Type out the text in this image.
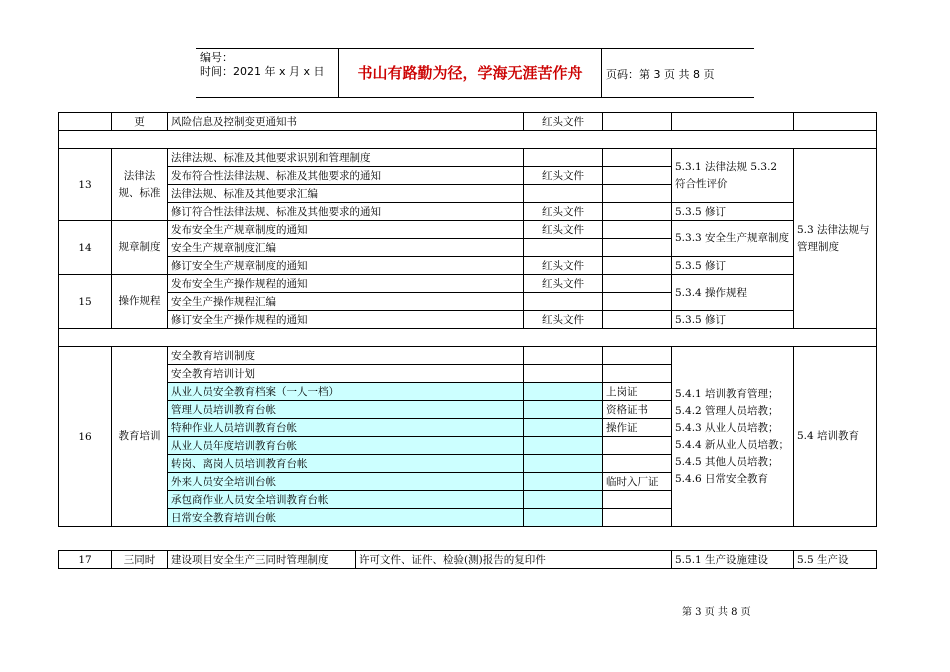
编号：
时间：2021 年 x 月 x 日	书山有路勤为径，学海无涯苦作舟	页码：第 3 页 共 8 页
	更	风险信息及控制变更通知书	红头文件			

13	法律法规、标准	法律法规、标准及其他要求识别和管理制度			5.3.1 法律法规 5.3.2 符合性评价	5.3 法律法规与管理制度
		发布符合性法律法规、标准及其他要求的通知	红头文件			
		法律法规、标准及其他要求汇编				
		修订符合性法律法规、标准及其他要求的通知	红头文件		5.3.5 修订	
14	规章制度	发布安全生产规章制度的通知	红头文件		5.3.3 安全生产规章制度	
		安全生产规章制度汇编				
		修订安全生产规章制度的通知	红头文件		5.3.5 修订	
15	操作规程	发布安全生产操作规程的通知	红头文件		5.3.4 操作规程	
		安全生产操作规程汇编				
		修订安全生产操作规程的通知	红头文件		5.3.5 修订	

16	教育培训	安全教育培训制度			5.4.1 培训教育管理；5.4.2 管理人员培教；5.4.3 从业人员培教；5.4.4 新从业人员培教；5.4.5 其他人员培教；5.4.6 日常安全教育	5.4 培训教育
		安全教育培训计划				
		从业人员安全教育档案（一人一档）		上岗证		
		管理人员培训教育台帐		资格证书		
		特种作业人员培训教育台帐		操作证		
		从业人员年度培训教育台帐				
		转岗、离岗人员培训教育台帐				
		外来人员安全培训台帐		临时入厂证		
		承包商作业人员安全培训教育台帐				
		日常安全教育培训台帐				
17	三同时	建设项目安全生产三同时管理制度	许可文件、证件、检验(测)报告的复印件	5.5.1 生产设施建设	5.5 生产设
第 3 页 共 8 页
